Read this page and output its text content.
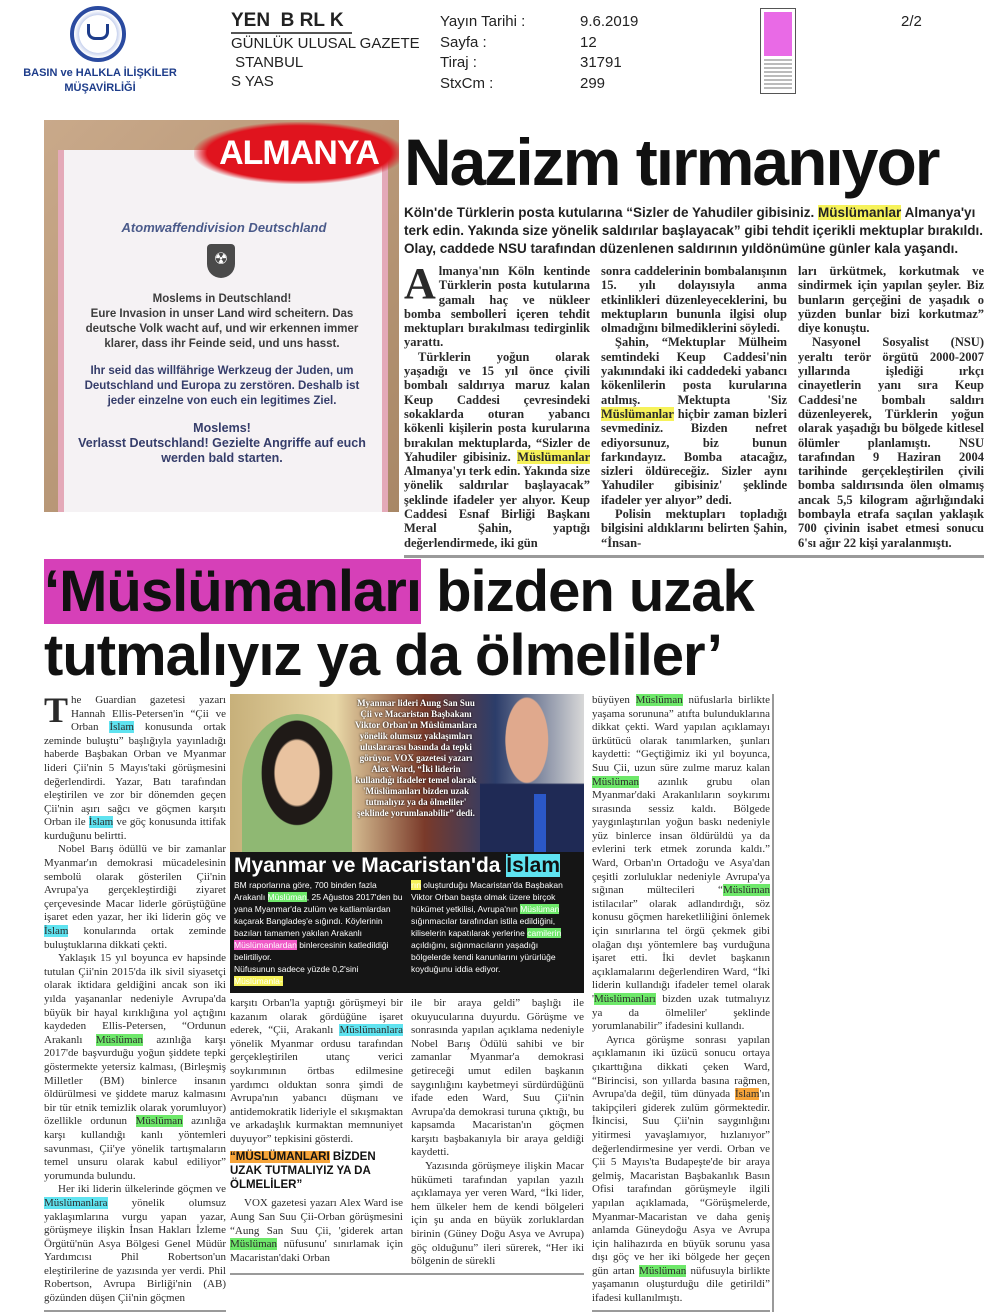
BASIN ve HALKLA İLİŞKİLER
MÜŞAVİRLİĞİ
YEN  B RL K
GÜNLÜK ULUSAL GAZETE
STANBUL
S YAS
Yayın Tarihi :	9.6.2019
Sayfa :	12
Tiraj :	31791
StxCm :	299
2/2
Atomwaffendivision Deutschland
☢
Moslems in Deutschland!
Eure Invasion in unser Land wird scheitern. Das deutsche Volk wacht auf, und wir erkennen immer klarer, dass ihr Feinde seid, und uns hasst.
Ihr seid das willfährige Werkzeug der Juden, um Deutschland und Europa zu zerstören. Deshalb ist jeder einzelne von euch ein legitimes Ziel.
Moslems!
Verlasst Deutschland! Gezielte Angriffe auf euch werden bald starten.
ALMANYA Nazizm tırmanıyor

Köln'de Türklerin posta kutularına “Sizler de Yahudiler gibisiniz. Müslümanlar Almanya'yı terk edin. Yakında size yönelik saldırılar başlayacak” gibi tehdit içerikli mektuplar bırakıldı. Olay, caddede NSU tarafından düzenlenen saldırının yıldönümüne günler kala yaşandı.

A lmanya'nın Köln kentinde Türklerin posta kutularına gamalı haç ve nükleer bomba sembolleri içeren tehdit mektupları bırakılması tedirginlik yarattı.

Türklerin yoğun olarak yaşadığı ve 15 yıl önce çivili bombalı saldırıya maruz kalan Keup Caddesi çevresindeki sokaklarda oturan yabancı kökenli kişilerin posta kurularına bırakılan mektuplarda, “Sizler de Yahudiler gibisiniz. Müslümanlar Almanya'yı terk edin. Yakında size yönelik saldırılar başlayacak” şeklinde ifadeler yer alıyor. Keup Caddesi Esnaf Birliği Başkanı Meral Şahin, yaptığı değerlendirmede, iki gün

sonra caddelerinin bombalanışının 15. yılı dolayısıyla anma etkinlikleri düzenleyeceklerini, bu mektupların bununla ilgisi olup olmadığını bilmediklerini söyledi.

Şahin, “Mektuplar Mülheim semtindeki Keup Caddesi'nin yakınındaki iki caddedeki yabancı kökenlilerin posta kurularına atılmış. Mektupta 'Siz Müslümanlar hiçbir zaman bizleri sevmediniz. Bizden nefret ediyorsunuz, biz bunun farkındayız. Bomba atacağız, sizleri öldüreceğiz. Sizler aynı Yahudiler gibisiniz' şeklinde ifadeler yer alıyor” dedi.

Polisin mektupları topladığı bilgisini aldıklarını belirten Şahin, “İnsan-

ları ürkütmek, korkutmak ve sindirmek için yapılan şeyler. Biz bunların gerçeğini de yaşadık o yüzden bunlar bizi korkutmaz” diye konuştu.

Nasyonel Sosyalist (NSU) yeraltı terör örgütü 2000-2007 yıllarında işlediği ırkçı cinayetlerin yanı sıra Keup Caddesi'ne bombalı saldırı düzenleyerek, Türklerin yoğun olarak yaşadığı bu bölgede kitlesel ölümler planlamıştı. NSU tarafından 9 Haziran 2004 tarihinde gerçekleştirilen çivili bomba saldırısında ölen olmamış ancak 5,5 kilogram ağırlığındaki bombayla etrafa saçılan yaklaşık 700 çivinin isabet etmesi sonucu 6'sı ağır 22 kişi yaralanmıştı.

‘Müslümanları bizden uzak
tutmalıyız ya da ölmeliler’
T he Guardian gazetesi yazarı Hannah Ellis-Petersen'in “Çii ve Orban İslam konusunda ortak zeminde buluştu” başlığıyla yayınladığı haberde Başbakan Orban ve Myanmar lideri Çii'nin 5 Mayıs'taki görüşmesini değerlendirdi. Yazar, Batı tarafından eleştirilen ve zor bir dönemden geçen Çii'nin aşırı sağcı ve göçmen karşıtı Orban ile İslam ve göç konusunda ittifak kurduğunu belirtti.

Nobel Barış ödüllü ve bir zamanlar Myanmar'ın demokrasi mücadelesinin sembolü olarak gösterilen Çii'nin Avrupa'ya gerçekleştirdiği ziyaret çerçevesinde Macar liderle görüştüğüne işaret eden yazar, her iki liderin göç ve İslam konularında ortak zeminde buluştuklarına dikkati çekti.

Yaklaşık 15 yıl boyunca ev hapsinde tutulan Çii'nin 2015'da ilk sivil siyasetçi olarak iktidara geldiğini ancak son iki yılda yaşananlar nedeniyle Avrupa'da büyük bir hayal kırıklığına yol açtığını kaydeden Ellis-Petersen, “Ordunun Arakanlı Müslüman azınlığa karşı 2017'de başvurduğu yoğun şiddete tepki göstermekte yetersiz kalması, (Birleşmiş Milletler (BM) binlerce insanın öldürülmesi ve şiddete maruz kalmasını bir tür etnik temizlik olarak yorumluyor) özellikle ordunun Müslüman azınlığa karşı kullandığı kanlı yöntemleri savunması, Çii'ye yönelik tartışmaların temel unsuru olarak kabul ediliyor” yorumunda bulundu.

Her iki liderin ülkelerinde göçmen ve Müslümanlara yönelik olumsuz yaklaşımlarına vurgu yapan yazar, görüşmeye ilişkin İnsan Hakları İzleme Örgütü'nün Asya Bölgesi Genel Müdür Yardımcısı Phil Robertson'un eleştirilerine de yazısında yer verdi. Phil Robertson, Avrupa Birliği'nin (AB) gözünden düşen Çii'nin göçmen

Myanmar lideri Aung San Suu Çii ve Macaristan Başbakanı Viktor Orban'ın Müslümanlara yönelik olumsuz yaklaşımları uluslararası basında da tepki görüyor. VOX gazetesi yazarı Alex Ward, “İki liderin kullandığı ifadeler temel olarak 'Müslümanları bizden uzak tutmalıyız ya da ölmeliler' şeklinde yorumlanabilir” dedi.

Myanmar ve Macaristan'da İslam

BM raporlarına göre, 700 binden fazla Arakanlı Müslüman, 25 Ağustos 2017'den bu yana Myanmar'da zulüm ve katliamlardan kaçarak Bangladeş'e sığındı. Köylerinin bazıları tamamen yakılan Arakanlı Müslümanlardan binlercesinin katledildiği belirtiliyor.

Nüfusunun sadece yüzde 0,2'sini Müslümanla-

rın oluşturduğu Macaristan'da Başbakan Viktor Orban başta olmak üzere birçok hükümet yetkilisi, Avrupa'nın Müslüman sığınmacılar tarafından istila edildiğini, kiliselerin kapatılarak yerlerine camilerin açıldığını, sığınmacıların yaşadığı bölgelerde kendi kanunlarını yürürlüğe koyduğunu iddia ediyor.

karşıtı Orban'la yaptığı görüşmeyi bir kazanım olarak gördüğüne işaret ederek, “Çii, Arakanlı Müslümanlara yönelik Myanmar ordusu tarafından gerçekleştirilen utanç verici soykırımının örtbas edilmesine yardımcı olduktan sonra şimdi de Avrupa'nın yabancı düşmanı ve antidemokratik lideriyle el sıkışmaktan ve arkadaşlık kurmaktan memnuniyet duyuyor” tepkisini gösterdi.

“MÜSLÜMANLARI BİZDEN UZAK TUTMALIYIZ YA DA ÖLMELİLER”

VOX gazetesi yazarı Alex Ward ise Aung San Suu Çii-Orban görüşmesini “Aung San Suu Çii, 'giderek artan Müslüman nüfusunu' sınırlamak için Macaristan'daki Orban

ile bir araya geldi” başlığı ile okuyucularına duyurdu. Görüşme ve sonrasında yapılan açıklama nedeniyle Nobel Barış Ödülü sahibi ve bir zamanlar Myanmar'a demokrasi getireceği umut edilen başkanın saygınlığını kaybetmeyi sürdürdüğünü ifade eden Ward, Suu Çii'nin Avrupa'da demokrasi turuna çıktığı, bu kapsamda Macaristan'ın göçmen karşıtı başbakanıyla bir araya geldiği kaydetti.

Yazısında görüşmeye ilişkin Macar hükümeti tarafından yapılan yazılı açıklamaya yer veren Ward, “İki lider, hem ülkeler hem de kendi bölgeleri için şu anda en büyük zorluklardan birinin (Güney Doğu Asya ve Avrupa) göç olduğunu” ileri sürerek, “Her iki bölgenin de sürekli

büyüyen Müslüman nüfuslarla birlikte yaşama sorununa” atıfta bulunduklarına dikkat çekti. Ward yapılan açıklamayı ürkütücü olarak tanımlarken, şunları kaydetti: “Geçtiğimiz iki yıl boyunca, Suu Çii, uzun süre zulme maruz kalan Müslüman azınlık grubu olan Myanmar'daki Arakanlıların soykırımı sırasında sessiz kaldı. Bölgede yaygınlaştırılan yoğun baskı nedeniyle yüz binlerce insan öldürüldü ya da evlerini terk etmek zorunda kaldı.” Ward, Orban'ın Ortadoğu ve Asya'dan çeşitli zorluluklar nedeniyle Avrupa'ya sığınan mültecileri “Müslüman istilacılar” olarak adlandırdığı, söz konusu göçmen hareketliliğini önlemek için sınırlarına tel örgü çekmek gibi olağan dışı yöntemlere baş vurduğuna işaret etti. İki devlet başkanın açıklamalarını değerlendiren Ward, “İki liderin kullandığı ifadeler temel olarak 'Müslümanları bizden uzak tutmalıyız ya da ölmeliler' şeklinde yorumlanabilir” ifadesini kullandı.

Ayrıca görüşme sonrası yapılan açıklamanın iki üzücü sonucu ortaya çıkarttığına dikkati çeken Ward, “Birincisi, son yıllarda basına rağmen, Avrupa'da değil, tüm dünyada İslam'ın takipçileri giderek zulüm görmektedir. İkincisi, Suu Çii'nin saygınlığını yitirmesi yavaşlamıyor, hızlanıyor” değerlendirmesine yer verdi. Orban ve Çii 5 Mayıs'ta Budapeşte'de bir araya gelmiş, Macaristan Başbakanlık Basın Ofisi tarafından görüşmeyle ilgili yapılan açıklamada, “Görüşmelerde, Myanmar-Macaristan ve daha geniş anlamda Güneydoğu Asya ve Avrupa için halihazırda en büyük sorunu yasa dışı göç ve her iki bölgede her geçen gün artan Müslüman nüfusuyla birlikte yaşamanın oluşturduğu dile getirildi” ifadesi kullanılmıştı.
